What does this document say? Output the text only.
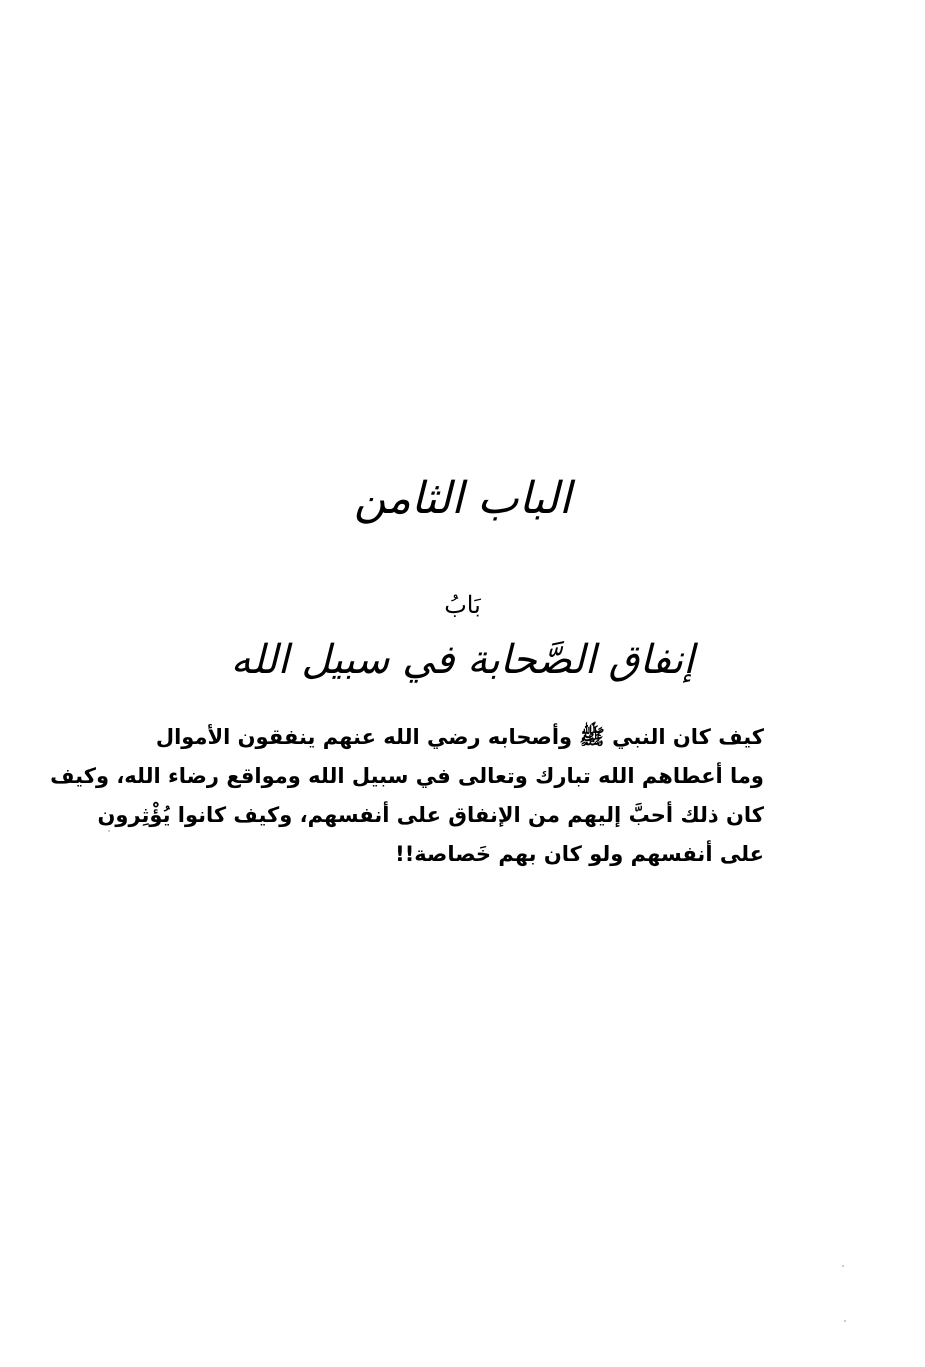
الباب الثامن
بَابُ
إنفاق الصَّحابة في سبيل الله
كيف كان النبي ﷺ وأصحابه رضي الله عنهم ينفقون الأموال
وما أعطاهم الله تبارك وتعالى في سبيل الله ومواقع رضاء الله، وكيف
كان ذلك أحبَّ إليهم من الإنفاق على أنفسهم، وكيف كانوا يُؤْثِرون
على أنفسهم ولو كان بهم خَصاصة!!
